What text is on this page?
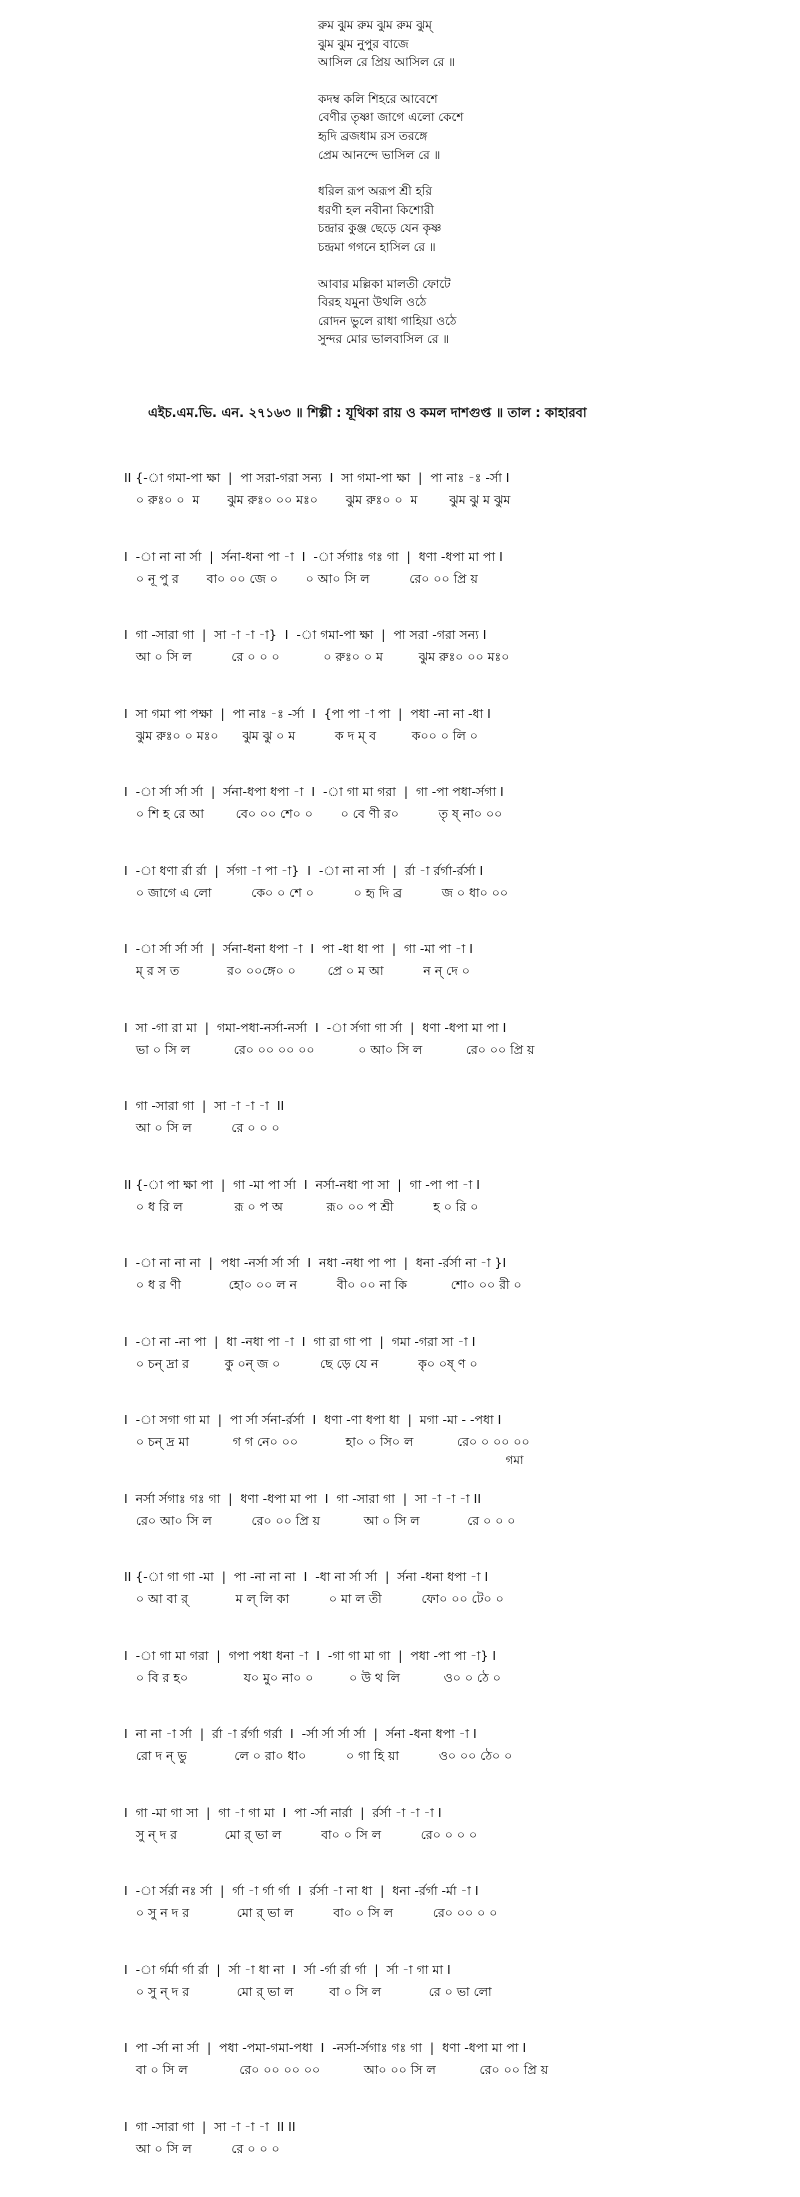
রুম ঝুম রুম ঝুম রুম ঝুম্
ঝুম ঝুম নুপুর বাজে
আসিল রে প্রিয় আসিল রে ॥
কদম্ব কলি শিহরে আবেশে
বেণীর তৃষ্ণা জাগে এলো কেশে
হৃদি ব্রজধাম রস তরঙ্গে
প্রেম আনন্দে ভাসিল রে ॥
ধরিল রূপ অরূপ শ্রী হরি
ধরণী হল নবীনা কিশোরী
চন্দ্রার কুঞ্জ ছেড়ে যেন কৃষ্ণ
চন্দ্রমা গগনে হাসিল রে ॥
আবার মল্লিকা মালতী ফোটে
বিরহ যমুনা উথলি ওঠে
রোদন ভুলে রাধা গাহিয়া ওঠে
সুন্দর মোর ভালবাসিল রে ॥
এইচ.এম.ভি. এন. ২৭১৬৩ ॥ শিল্পী : যূথিকা রায় ও কমল দাশগুপ্ত ॥ তাল : কাহারবা
II {-া গমা-পা ক্ষা  |  পা সরা-গরা সন্য  I  সা গমা-পা ক্ষা  |  পা নাঃ -ঃ -র্সা I
০ রুঃ০ ০  ম       ঝুম রুঃ০ ০০ মঃ০       ঝুম রুঃ০ ০  ম        ঝুম ঝু ম ঝুম
I  -া না না র্সা  |  র্সনা-ধনা পা -া  I  -া র্সগাঃ গঃ গা  |  ধণা -ধপা মা পা I
০ নূ পু র       বা০ ০০ জে ০       ০ আ০ সি ল          রে০ ০০ প্রি য়
I  গা -সারা গা  |  সা -া -া -া}  I  -া গমা-পা ক্ষা  |  পা সরা -গরা সন্য I
আ ০ সি ল          রে ০ ০ ০           ০ রুঃ০ ০ ম         ঝুম রুঃ০ ০০ মঃ০
I  সা গমা পা পক্ষা  |  পা নাঃ -ঃ -র্সা  I  {পা পা -া পা  |  পধা -না না -ধা I
ঝুম রুঃ০ ০ মঃ০      ঝুম ঝু ০ ম          ক দ ম্ ব         ক০০ ০ লি ০
I  -া র্সা র্সা র্সা  |  র্সনা-ধপা ধপা -া  I  -া গা মা গরা  |  গা -পা পধা-র্সগা I
০ শি হ রে আ        বে০ ০০ শে০ ০       ০ বে ণী র০          তৃ ষ্ না০ ০০
I  -া ধণা র্রা র্রা  |  র্সগা -া পা -া}  I  -া না না র্সা  |  র্রা -া র্রর্গা-র্রর্সা I
০ জাগে এ লো          কে০ ০ শে ০          ০ হৃ দি ব্র          জ ০ ধা০ ০০
I  -া র্সা র্সা র্সা  |  র্সনা-ধনা ধপা -া  I  পা -ধা ধা পা  |  গা -মা পা -া I
ম্ র স ত            র০ ০০ঙ্গে০ ০        প্রে ০ ম আ          ন ন্ দে ০
I  সা -গা রা মা  |  গমা-পধা-নর্সা-নর্সা  I  -া র্সগা গা র্সা  |  ধণা -ধপা মা পা I
ভা ০ সি ল           রে০ ০০ ০০ ০০           ০ আ০ সি ল           রে০ ০০ প্রি য়
I  গা -সারা গা  |  সা -া -া -া  II
আ ০ সি ল          রে ০ ০ ০
II {-া পা ক্ষা পা  |  গা -মা পা র্সা  I  নর্সা-নধা পা সা  |  গা -পা পা -া I
০ ধ রি ল             রূ ০ প অ           রূ০ ০০ প শ্রী          হ ০ রি ০
I  -া না না না  |  পধা -নর্সা র্সা র্সা  I  নধা -নধা পা পা  |  ধনা -র্রর্সা না -া }I
০ ধ র ণী            হো০ ০০ ল ন          বী০ ০০ না কি           শো০ ০০ রী ০
I  -া না -না পা  |  ধা -নধা পা -া  I  গা রা গা পা  |  গমা -গরা সা -া I
০ চন্ দ্রা র         কু ০ন্ জ ০          ছে ড়ে যে ন          কৃ০ ০ষ্ ণ ০
I  -া সগা গা মা  |  পা র্সা র্সনা-র্রর্সা  I  ধণা -ণা ধপা ধা  |  মগা -মা - -পধা I
০ চন্ দ্র মা           গ গ নে০ ০০            হা০ ০ সি০ ল           রে০ ০ ০০ ০০
গমা
I  নর্সা র্সগাঃ গঃ গা  |  ধণা -ধপা মা পা  I  গা -সারা গা  |  সা -া -া -া II
রে০ আ০ সি ল          রে০ ০০ প্রি য়           আ ০ সি ল            রে ০ ০ ০
II {-া গা গা -মা  |  পা -না না না  I  -ধা না র্সা র্সা  |  র্সনা -ধনা ধপা -া I
০ আ বা র্            ম ল্ লি কা          ০ মা ল তী          ফো০ ০০ টে০ ০
I  -া গা মা গরা  |  গপা পধা ধনা -া  I  -গা গা মা গা  |  পধা -পা পা -া} I
০ বি র হ০              য০ মু০ না০ ০         ০ উ থ লি           ও০ ০ ঠে ০
I  না না -া র্সা  |  র্রা -া র্রর্গা গর্রা  I  -র্সা র্সা র্সা র্সা  |  র্সনা -ধনা ধপা -া I
রো দ ন্ ভু            লে ০ রা০ ধা০          ০ গা হি য়া          ও০ ০০ ঠে০ ০
I  গা -মা গা সা  |  গা -া গা মা  I  পা -র্সা নার্রা  |  র্রর্সা -া -া -া I
সু ন্ দ র            মো র্ ভা ল          বা০ ০ সি ল          রে০ ০ ০ ০
I  -া র্সর্রা নঃ র্সা  |  র্গা -া র্গা র্গা  I  র্রর্সা -া না ধা  |  ধনা -র্রর্গা -র্মা -া I
০ সু ন দ র            মো র্ ভা ল          বা০ ০ সি ল          রে০ ০০ ০ ০
I  -া র্গর্মা র্গা র্রা  |  র্সা -া ধা না  I  র্সা -র্গা র্রা র্গা  |  র্সা -া গা মা I
০ সু ন্ দ র            মো র্ ভা ল         বা ০ সি ল            রে ০ ভা লো
I  পা -র্সা না র্সা  |  পধা -পমা-গমা-পধা  I  -নর্সা-র্সগাঃ গঃ গা  |  ধণা -ধপা মা পা I
বা ০ সি ল             রে০ ০০ ০০ ০০           আ০ ০০ সি ল           রে০ ০০ প্রি য়
I  গা -সারা গা  |  সা -া -া -া  II II
আ ০ সি ল          রে ০ ০ ০
